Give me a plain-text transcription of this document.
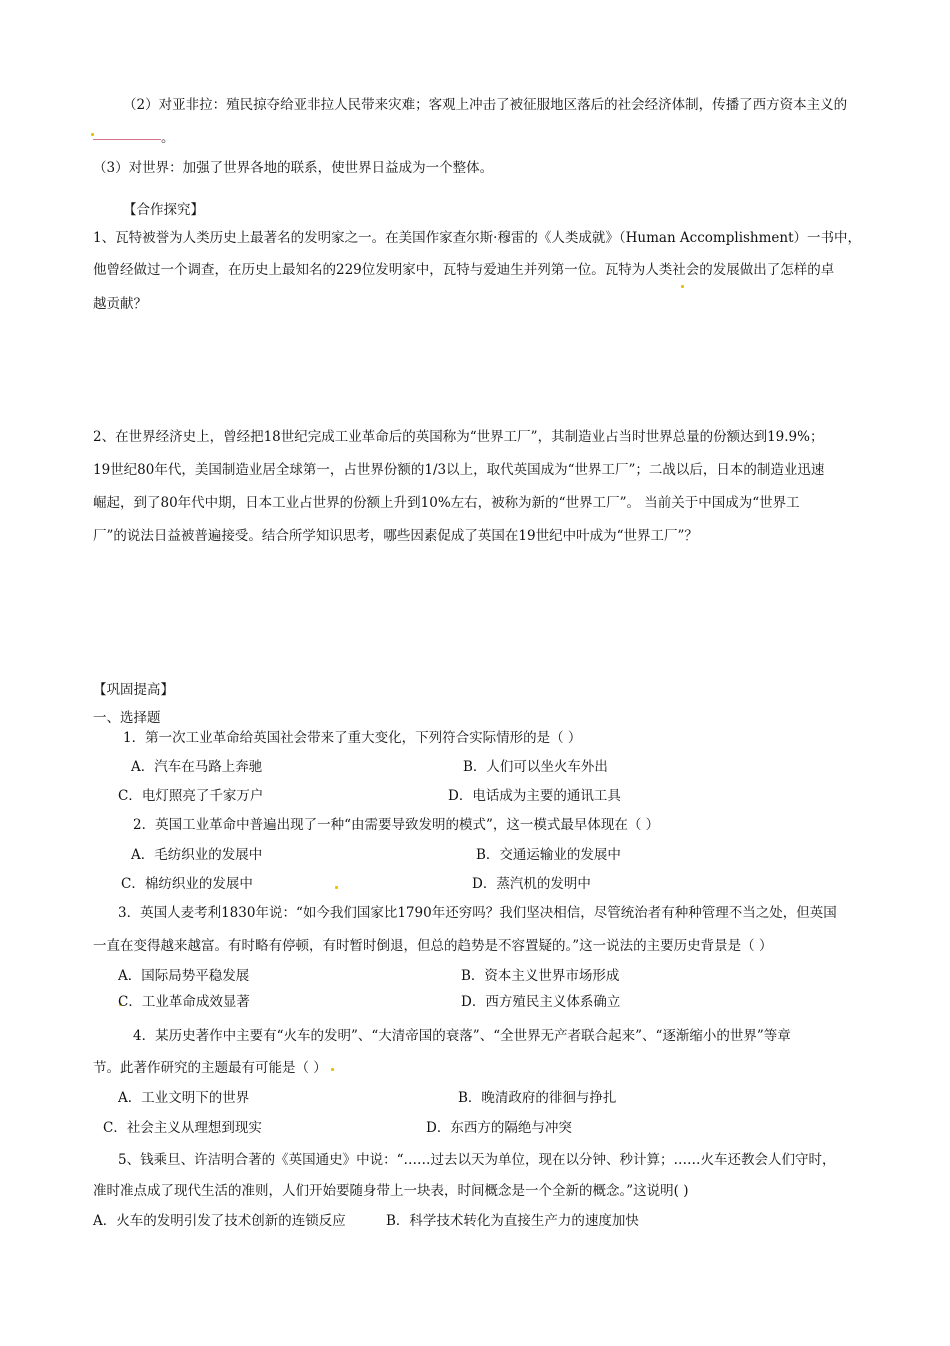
（2）对亚非拉：殖民掠夺给亚非拉人民带来灾难；客观上冲击了被征服地区落后的社会经济体制，传播了西方资本主义的
。
（3）对世界：加强了世界各地的联系，使世界日益成为一个整体。
【合作探究】
1、瓦特被誉为人类历史上最著名的发明家之一。在美国作家查尔斯·穆雷的《人类成就》（Human Accomplishment）一书中，
他曾经做过一个调查，在历史上最知名的229位发明家中，瓦特与爱迪生并列第一位。瓦特为人类社会的发展做出了怎样的卓
越贡献？
2、在世界经济史上，曾经把18世纪完成工业革命后的英国称为“世界工厂”，其制造业占当时世界总量的份额达到19.9%；
19世纪80年代，美国制造业居全球第一，占世界份额的1/3以上，取代英国成为“世界工厂”；二战以后，日本的制造业迅速
崛起，到了80年代中期，日本工业占世界的份额上升到10%左右，被称为新的“世界工厂”。 当前关于中国成为“世界工
厂”的说法日益被普遍接受。结合所学知识思考，哪些因素促成了英国在19世纪中叶成为“世界工厂”？
【巩固提高】
一、选择题
1．第一次工业革命给英国社会带来了重大变化，下列符合实际情形的是（ ）
A．汽车在马路上奔驰	B．人们可以坐火车外出
C．电灯照亮了千家万户	D．电话成为主要的通讯工具
2．英国工业革命中普遍出现了一种“由需要导致发明的模式”，这一模式最早体现在（ ）
A．毛纺织业的发展中	B．交通运输业的发展中
C．棉纺织业的发展中	D．蒸汽机的发明中
3．英国人麦考利1830年说：“如今我们国家比1790年还穷吗？我们坚决相信，尽管统治者有种种管理不当之处，但英国
一直在变得越来越富。有时略有停顿，有时暂时倒退，但总的趋势是不容置疑的。”这一说法的主要历史背景是（ ）
A．国际局势平稳发展	B．资本主义世界市场形成
C．工业革命成效显著	D．西方殖民主义体系确立
4．某历史著作中主要有“火车的发明”、“大清帝国的衰落”、“全世界无产者联合起来”、“逐渐缩小的世界”等章
节。此著作研究的主题最有可能是（ ）
A．工业文明下的世界	B．晚清政府的徘徊与挣扎
C．社会主义从理想到现实	D．东西方的隔绝与冲突
5、钱乘旦、许洁明合著的《英国通史》中说：“……过去以天为单位，现在以分钟、秒计算；……火车还教会人们守时，
准时准点成了现代生活的准则，人们开始要随身带上一块表，时间概念是一个全新的概念。”这说明( )
A．火车的发明引发了技术创新的连锁反应	B．科学技术转化为直接生产力的速度加快
